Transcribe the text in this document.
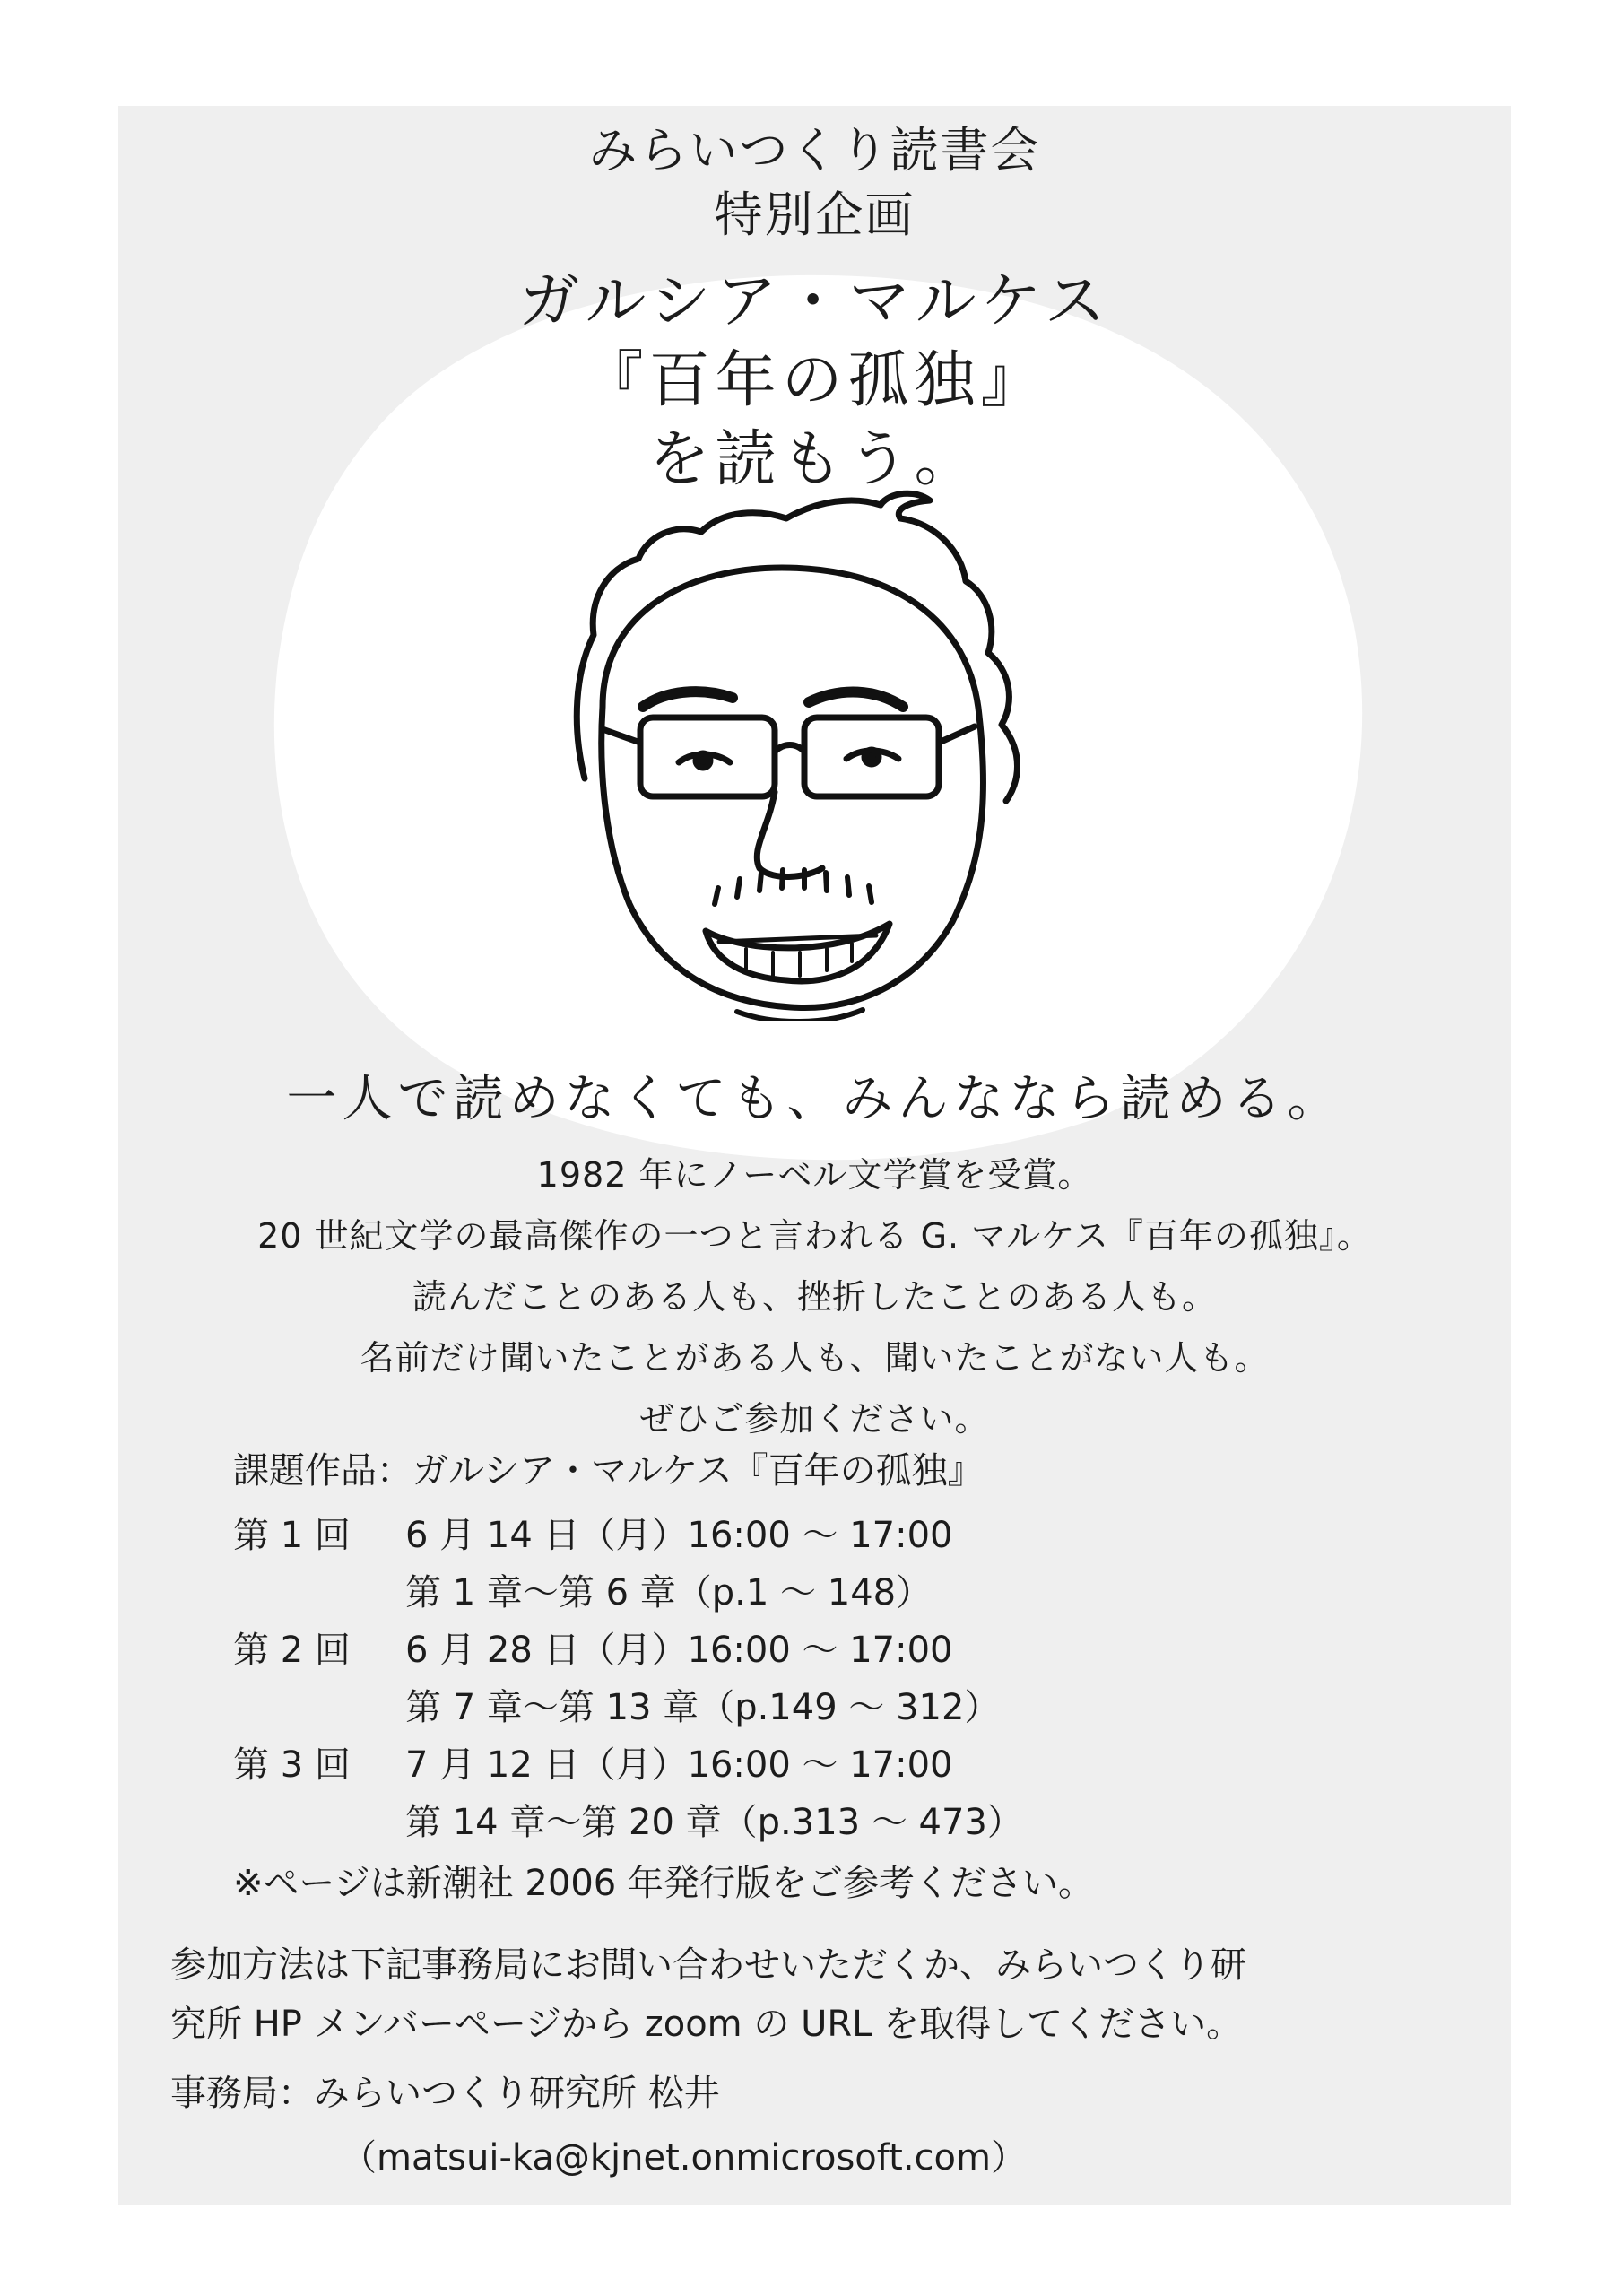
みらいつくり読書会
特別企画
ガルシア・マルケス
『百年の孤独』
を読もう。
一人で読めなくても、みんななら読める。
1982 年にノーベル文学賞を受賞。
20 世紀文学の最高傑作の一つと言われる G. マルケス『百年の孤独』。
読んだことのある人も、挫折したことのある人も。
名前だけ聞いたことがある人も、聞いたことがない人も。
ぜひご参加ください。
課題作品：ガルシア・マルケス『百年の孤独』
第 1 回	6 月 14 日（月）16:00 ～ 17:00
第 1 章～第 6 章（p.1 ～ 148）
第 2 回	6 月 28 日（月）16:00 ～ 17:00
第 7 章～第 13 章（p.149 ～ 312）
第 3 回	7 月 12 日（月）16:00 ～ 17:00
第 14 章～第 20 章（p.313 ～ 473）
※ページは新潮社 2006 年発行版をご参考ください。
参加方法は下記事務局にお問い合わせいただくか、みらいつくり研
究所 HP メンバーページから zoom の URL を取得してください。
事務局：みらいつくり研究所 松井
（matsui-ka@kjnet.onmicrosoft.com）
